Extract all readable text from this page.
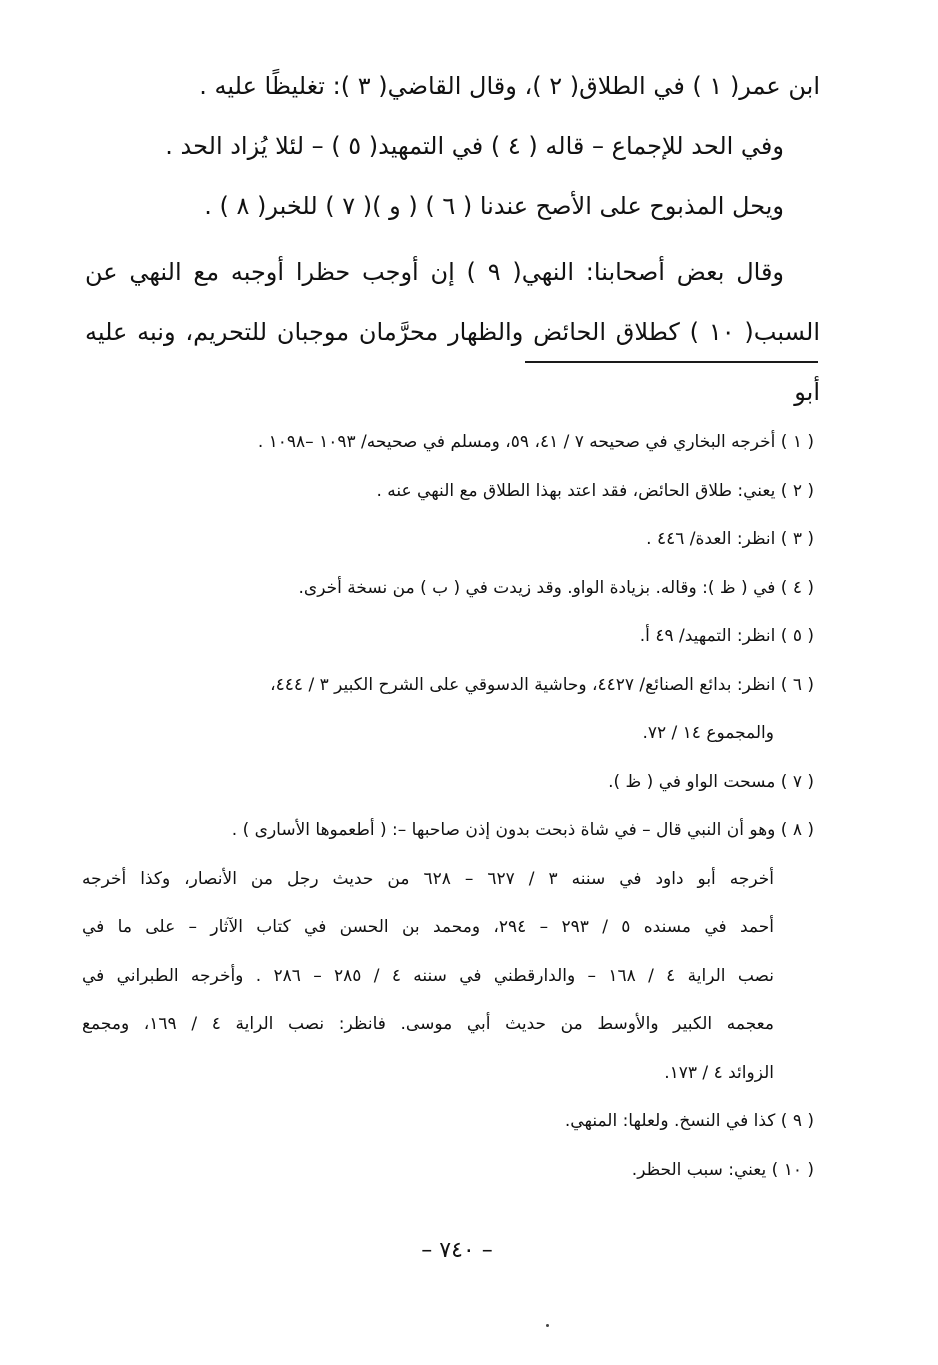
ابن عمر( ١ ) في الطلاق( ٢ )، وقال القاضي( ٣ ): تغليظًا عليه .
وفي الحد للإجماع – قاله ( ٤ ) في التمهيد( ٥ ) – لئلا يُزاد الحد .
ويحل المذبوح على الأصح عندنا ( ٦ ) ( و )( ٧ ) للخبر( ٨ ) .
وقال بعض أصحابنا: النهي( ٩ ) إن أوجب حظرا أوجبه مع النهي عن
السبب( ١٠ ) كطلاق الحائض والظهار محرَّمان موجبان للتحريم، ونبه عليه أبو
( ١ ) أخرجه البخاري في صحيحه ٧ / ٤١، ٥٩، ومسلم في صحيحه/ ١٠٩٣ –١٠٩٨ .
( ٢ ) يعني: طلاق الحائض، فقد اعتد بهذا الطلاق مع النهي عنه .
( ٣ ) انظر: العدة/ ٤٤٦ .
( ٤ ) في ( ظ ): وقاله. بزيادة الواو. وقد زيدت في ( ب ) من نسخة أخرى.
( ٥ ) انظر: التمهيد/ ٤٩ أ.
( ٦ ) انظر: بدائع الصنائع/ ٤٤٢٧، وحاشية الدسوقي على الشرح الكبير ٣ / ٤٤٤،
والمجموع ١٤ / ٧٢.
( ٧ ) مسحت الواو في ( ظ ).
( ٨ ) وهو أن النبي قال – في شاة ذبحت بدون إذن صاحبها –: ( أطعموها الأسارى ) .
أخرجه أبو داود في سننه ٣ / ٦٢٧ – ٦٢٨ من حديث رجل من الأنصار، وكذا أخرجه
أحمد في مسنده ٥ / ٢٩٣ – ٢٩٤، ومحمد بن الحسن في كتاب الآثار – على ما في
نصب الراية ٤ / ١٦٨ – والدارقطني في سننه ٤ / ٢٨٥ – ٢٨٦ . وأخرجه الطبراني في
معجمه الكبير والأوسط من حديث أبي موسى. فانظر: نصب الراية ٤ / ١٦٩، ومجمع
الزوائد ٤ / ١٧٣.
( ٩ ) كذا في النسخ. ولعلها: المنهي.
( ١٠ ) يعني: سبب الحظر.
– ٧٤٠ –
